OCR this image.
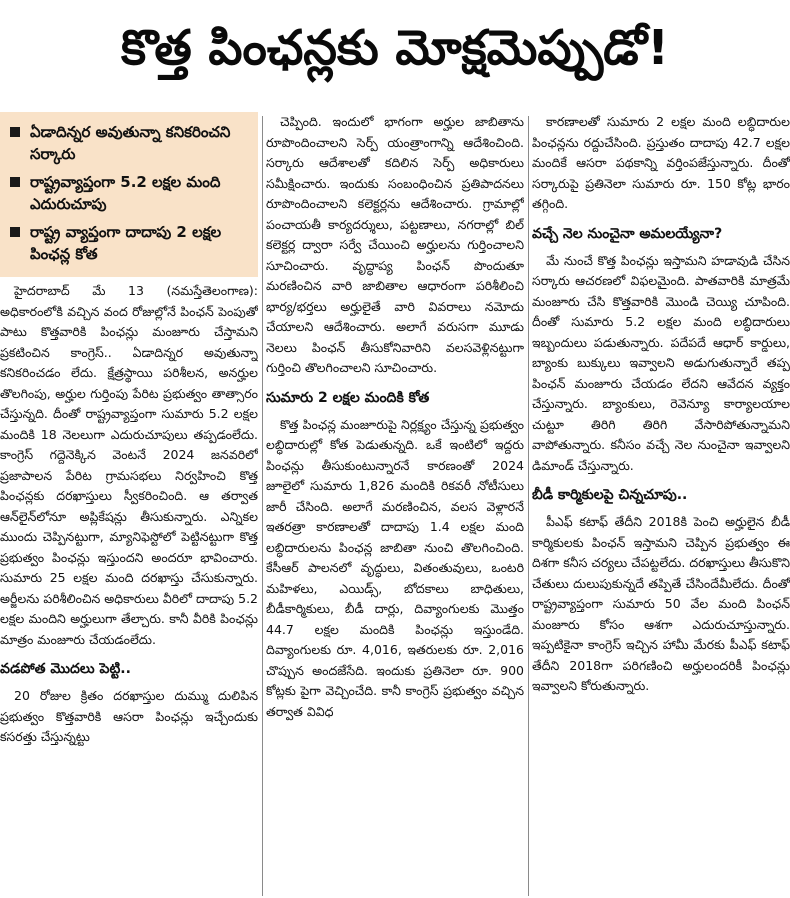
కొత్త పింఛన్లకు మోక్షమెప్పుడో!
ఏడాదిన్నర అవుతున్నా కనికరించని సర్కారు
రాష్ట్రవ్యాప్తంగా 5.2 లక్షల మంది ఎదురుచూపు
రాష్ట్ర వ్యాప్తంగా దాదాపు 2 లక్షల పింఛన్ల కోత

హైదరాబాద్‌ మే 13 (నమస్తేతెలంగాణ): అధికారంలోకి వచ్చిన వంద రోజుల్లోనే పింఛన్‌ పెంపుతో పాటు కొత్తవారికి పింఛన్లు మంజూరు చేస్తామని ప్రకటించిన కాంగ్రెస్‌.. ఏడాదిన్నర అవుతున్నా కనికరించడం లేదు. క్షేత్రస్థాయి పరిశీలన, అనర్హుల తొలగింపు, అర్హుల గుర్తింపు పేరిట ప్రభుత్వం తాత్సారం చేస్తున్నది. దీంతో రాష్ట్రవ్యాప్తంగా సుమారు 5.2 లక్షల మందికి 18 నెలలుగా ఎదురుచూపులు తప్పడంలేదు. కాంగ్రెస్‌ గద్దెనెక్కిన వెంటనే 2024 జనవరిలో ప్రజాపాలన పేరిట గ్రామసభలు నిర్వహించి కొత్త పింఛన్లకు దరఖాస్తులు స్వీకరించింది. ఆ తర్వాత ఆన్‌లైన్‌లోనూ అప్లికేషన్లు తీసుకున్నారు. ఎన్నికల ముందు చెప్పినట్టుగా, మ్యానిఫెస్టోలో పెట్టినట్టుగా కొత్త ప్రభుత్వం పింఛన్లు ఇస్తుందని అందరూ భావించారు. సుమారు 25 లక్షల మంది దరఖాస్తు చేసుకున్నారు. అర్జీలను పరిశీలించిన అధికారులు వీరిలో దాదాపు 5.2 లక్షల మందిని అర్హులుగా తేల్చారు. కానీ వీరికి పింఛన్లు మాత్రం మంజూరు చేయడంలేదు.

వడపోత మొదలు పెట్టి..

20 రోజుల క్రితం దరఖాస్తుల దుమ్ము దులిపిన ప్రభుత్వం కొత్తవారికి ఆసరా పింఛన్లు ఇచ్చేందుకు కసరత్తు చేస్తున్నట్టు

చెప్పింది. ఇందులో భాగంగా అర్హుల జాబితాను రూపొందించాలని సెర్ప్‌ యంత్రాంగాన్ని ఆదేశించింది. సర్కారు ఆదేశాలతో కదిలిన సెర్ప్‌ అధికారులు సమీక్షించారు. ఇందుకు సంబంధించిన ప్రతిపాదనలు రూపొందించాలని కలెక్టర్లను ఆదేశించారు. గ్రామాల్లో పంచాయతీ కార్యదర్శులు, పట్టణాలు, నగరాల్లో బిల్‌ కలెక్టర్ల ద్వారా సర్వే చేయించి అర్హులను గుర్తించాలని సూచించారు. వృద్ధాప్య పింఛన్‌ పొందుతూ మరణించిన వారి జాబితాల ఆధారంగా పరిశీలించి భార్య/భర్తలు అర్హులైతే వారి వివరాలు నమోదు చేయాలని ఆదేశించారు. అలాగే వరుసగా మూడు నెలలు పింఛన్‌ తీసుకోనివారిని వలసవెళ్లినట్టుగా గుర్తించి తొలగించాలని సూచించారు.

సుమారు 2 లక్షల మందికి కోత

కొత్త పింఛన్ల మంజూరుపై నిర్లక్ష్యం చేస్తున్న ప్రభుత్వం లబ్ధిదారుల్లో కోత పెడుతున్నది. ఒకే ఇంటిలో ఇద్దరు పింఛన్లు తీసుకుంటున్నారనే కారణంతో 2024 జూలైలో సుమారు 1,826 మందికి రికవరీ నోటీసులు జారీ చేసింది. అలాగే మరణించిన, వలస వెళ్లారనే ఇతరత్రా కారణాలతో దాదాపు 1.4 లక్షల మంది లబ్ధిదారులను పింఛన్ల జాబితా నుంచి తొలగించింది. కేసీఆర్‌ పాలనలో వృద్ధులు, వితంతువులు, ఒంటరి మహిళలు, ఎయిడ్స్‌, బోదకాలు బాధితులు, బీడీకార్మికులు, బీడీ దార్లు, దివ్యాంగులకు మొత్తం 44.7 లక్షల మందికి పింఛన్లు ఇస్తుండేది. దివ్యాంగులకు రూ. 4,016, ఇతరులకు రూ. 2,016 చొప్పున అందజేసేది. ఇందుకు ప్రతినెలా రూ. 900 కోట్లకు పైగా వెచ్చించేది. కానీ కాంగ్రెస్‌ ప్రభుత్వం వచ్చిన తర్వాత వివిధ

కారణాలతో సుమారు 2 లక్షల మంది లబ్ధిదారుల పింఛన్లను రద్దుచేసింది. ప్రస్తుతం దాదాపు 42.7 లక్షల మందికే ఆసరా పథకాన్ని వర్తింపజేస్తున్నారు. దీంతో సర్కారుపై ప్రతినెలా సుమారు రూ. 150 కోట్ల భారం తగ్గింది.

వచ్చే నెల నుంచైనా అమలయ్యేనా?

మే నుంచే కొత్త పింఛన్లు ఇస్తామని హడావుడి చేసిన సర్కారు ఆచరణలో విఫలమైంది. పాతవారికి మాత్రమే మంజూరు చేసి కొత్తవారికి మొండి చెయ్యి చూపింది. దీంతో సుమారు 5.2 లక్షల మంది లబ్ధిదారులు ఇబ్బందులు పడుతున్నారు. పదేపదే ఆధార్‌ కార్డులు, బ్యాంకు బుక్కులు ఇవ్వాలని అడుగుతున్నారే తప్ప పింఛన్‌ మంజూరు చేయడం లేదని ఆవేదన వ్యక్తం చేస్తున్నారు. బ్యాంకులు, రెవెన్యూ కార్యాలయాల చుట్టూ తిరిగి తిరిగి వేసారిపోతున్నామని వాపోతున్నారు. కనీసం వచ్చే నెల నుంచైనా ఇవ్వాలని డిమాండ్‌ చేస్తున్నారు.

బీడీ కార్మికులపై చిన్నచూపు..

పీఎఫ్‌ కటాఫ్‌ తేదీని 2018కి పెంచి అర్హులైన బీడీ కార్మికులకు పింఛన్‌ ఇస్తామని చెప్పిన ప్రభుత్వం ఈ దిశగా కనీస చర్యలు చేపట్టలేదు. దరఖాస్తులు తీసుకొని చేతులు దులుపుకున్నదే తప్పితే చేసిందేమీలేదు. దీంతో రాష్ట్రవ్యాప్తంగా సుమారు 50 వేల మంది పింఛన్‌ మంజూరు కోసం ఆశగా ఎదురుచూస్తున్నారు. ఇప్పటికైనా కాంగ్రెస్‌ ఇచ్చిన హామీ మేరకు పీఎఫ్‌ కటాఫ్‌ తేదీని 2018గా పరిగణించి అర్హులందరికీ పింఛన్లు ఇవ్వాలని కోరుతున్నారు.
